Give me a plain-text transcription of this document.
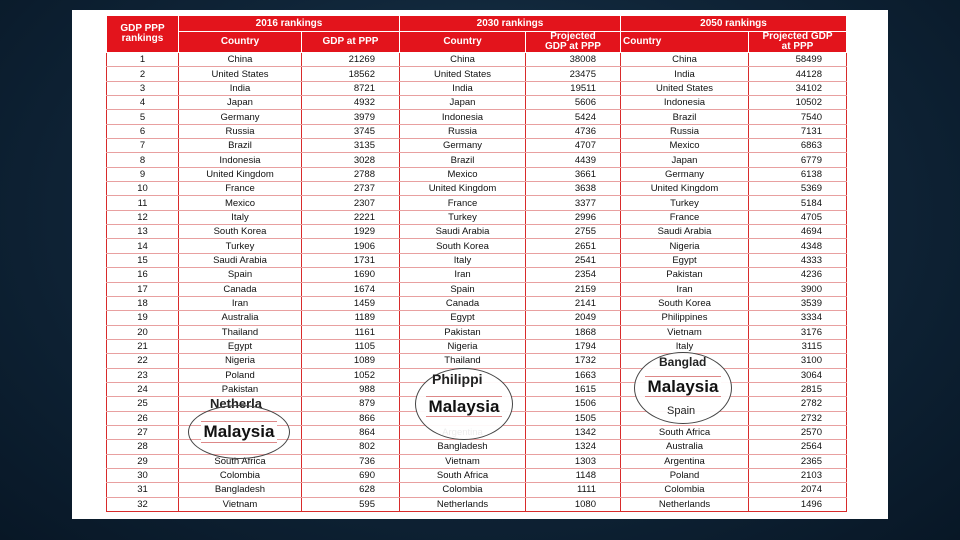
GDP PPP rankings	2016 rankings		2030 rankings		2050 rankings	
	Country	GDP at PPP	Country	Projected GDP at PPP	Country	Projected GDP at PPP
1	China	21269	China	38008	China	58499
2	United States	18562	United States	23475	India	44128
3	India	8721	India	19511	United States	34102
4	Japan	4932	Japan	5606	Indonesia	10502
5	Germany	3979	Indonesia	5424	Brazil	7540
6	Russia	3745	Russia	4736	Russia	7131
7	Brazil	3135	Germany	4707	Mexico	6863
8	Indonesia	3028	Brazil	4439	Japan	6779
9	United Kingdom	2788	Mexico	3661	Germany	6138
10	France	2737	United Kingdom	3638	United Kingdom	5369
11	Mexico	2307	France	3377	Turkey	5184
12	Italy	2221	Turkey	2996	France	4705
13	South Korea	1929	Saudi Arabia	2755	Saudi Arabia	4694
14	Turkey	1906	South Korea	2651	Nigeria	4348
15	Saudi Arabia	1731	Italy	2541	Egypt	4333
16	Spain	1690	Iran	2354	Pakistan	4236
17	Canada	1674	Spain	2159	Iran	3900
18	Iran	1459	Canada	2141	South Korea	3539
19	Australia	1189	Egypt	2049	Philippines	3334
20	Thailand	1161	Pakistan	1868	Vietnam	3176
21	Egypt	1105	Nigeria	1794	Italy	3115
22	Nigeria	1089	Thailand	1732		3100
23	Poland	1052		1663		3064
24	Pakistan	988		1615		2815
25		879		1506		2782
26		866		1505		2732
27		864		1342	South Africa	2570
28		802	Bangladesh	1324	Australia	2564
29	South Africa	736	Vietnam	1303	Argentina	2365
30	Colombia	690	South Africa	1148	Poland	2103
31	Bangladesh	628	Colombia	1111	Colombia	2074
32	Vietnam	595	Netherlands	1080	Netherlands	1496
Netherla
Malaysia
Philippi
Malaysia
Banglad
Malaysia
Spain
